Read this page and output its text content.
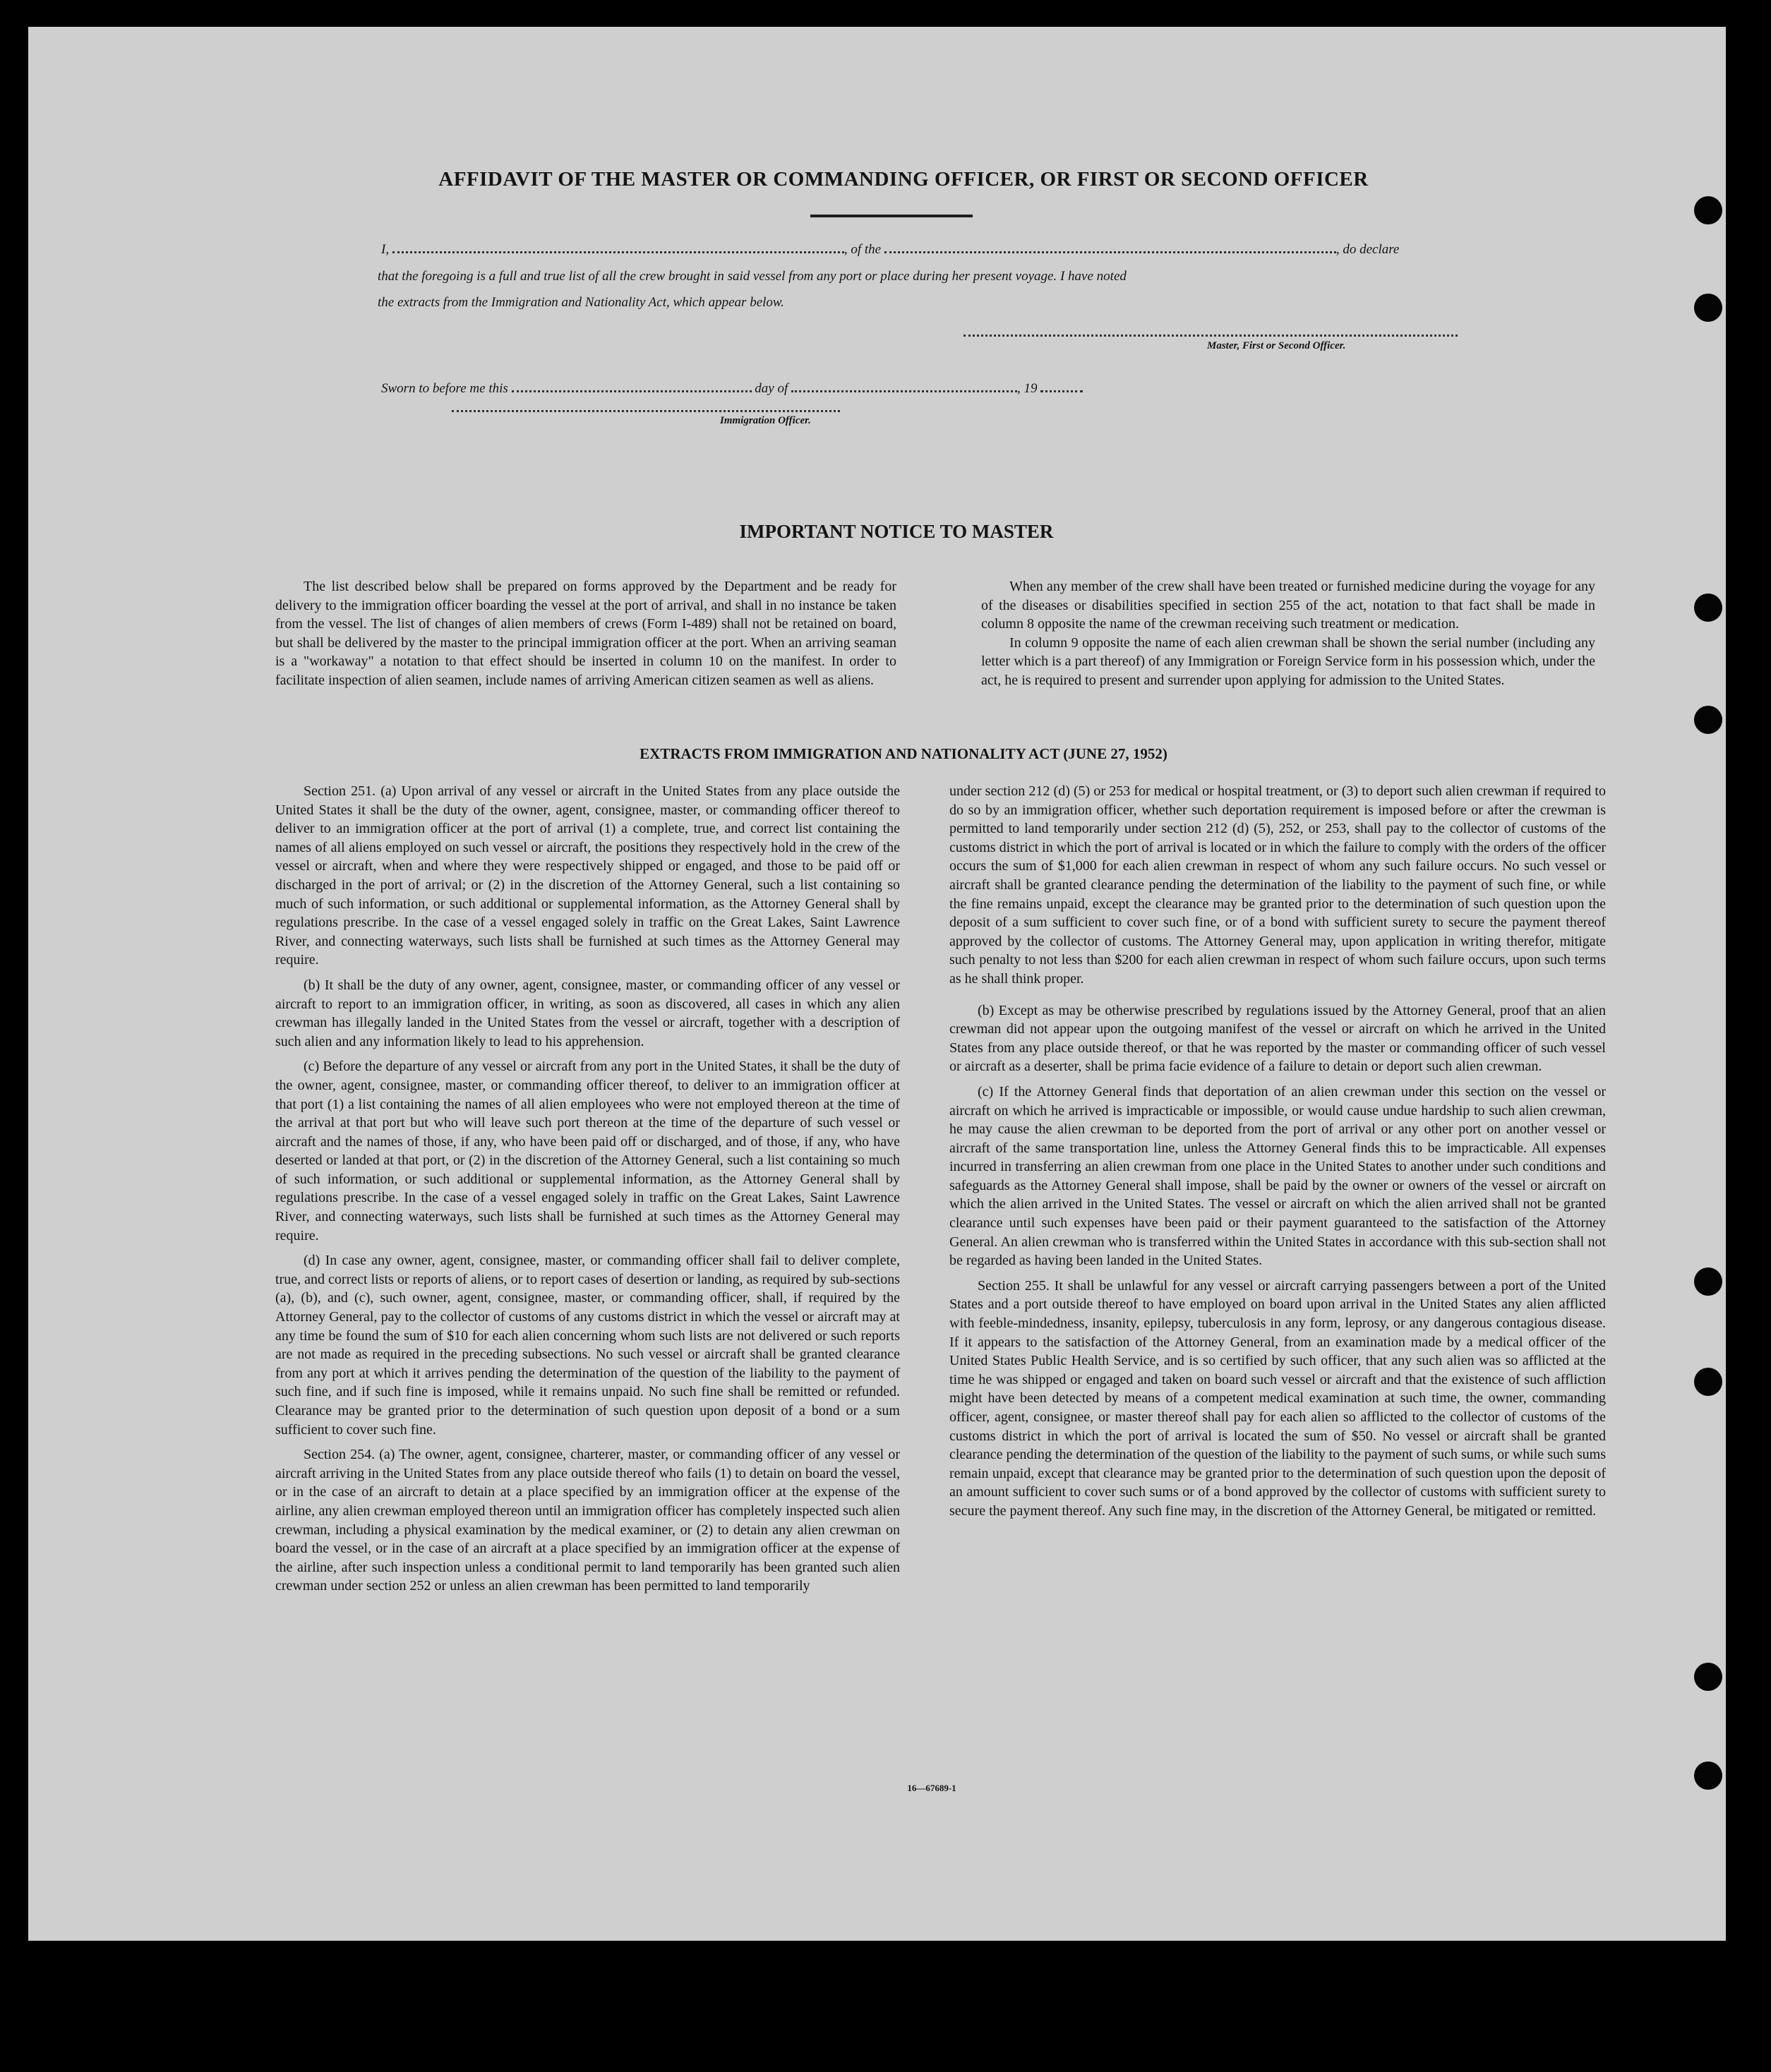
AFFIDAVIT OF THE MASTER OR COMMANDING OFFICER, OR FIRST OR SECOND OFFICER
I,	, of the	, do declare
that the foregoing is a full and true list of all the crew brought in said vessel from any port or place during her present voyage. I have noted
the extracts from the Immigration and Nationality Act, which appear below.
Master, First or Second Officer.
Sworn to before me this	day of	, 19
Immigration Officer.
IMPORTANT NOTICE TO MASTER

The list described below shall be prepared on forms approved by the Department and be ready for delivery to the immigration officer boarding the vessel at the port of arrival, and shall in no instance be taken from the vessel. The list of changes of alien members of crews (Form I-489) shall not be retained on board, but shall be delivered by the master to the principal immigration officer at the port. When an arriving seaman is a "workaway" a notation to that effect should be inserted in column 10 on the manifest. In order to facilitate inspection of alien seamen, include names of arriving American citizen seamen as well as aliens.

When any member of the crew shall have been treated or furnished medicine during the voyage for any of the diseases or disabilities specified in section 255 of the act, notation to that fact shall be made in column 8 opposite the name of the crewman receiving such treatment or medication.

In column 9 opposite the name of each alien crewman shall be shown the serial number (including any letter which is a part thereof) of any Immigration or Foreign Service form in his possession which, under the act, he is required to present and surrender upon applying for admission to the United States.

EXTRACTS FROM IMMIGRATION AND NATIONALITY ACT (JUNE 27, 1952)

Section 251. (a) Upon arrival of any vessel or aircraft in the United States from any place outside the United States it shall be the duty of the owner, agent, consignee, master, or commanding officer thereof to deliver to an immigration officer at the port of arrival (1) a complete, true, and correct list containing the names of all aliens employed on such vessel or aircraft, the positions they respectively hold in the crew of the vessel or aircraft, when and where they were respectively shipped or engaged, and those to be paid off or discharged in the port of arrival; or (2) in the discretion of the Attorney General, such a list containing so much of such information, or such additional or supplemental information, as the Attorney General shall by regulations prescribe. In the case of a vessel engaged solely in traffic on the Great Lakes, Saint Lawrence River, and connecting waterways, such lists shall be furnished at such times as the Attorney General may require.

(b) It shall be the duty of any owner, agent, consignee, master, or commanding officer of any vessel or aircraft to report to an immigration officer, in writing, as soon as discovered, all cases in which any alien crewman has illegally landed in the United States from the vessel or aircraft, together with a description of such alien and any information likely to lead to his apprehension.

(c) Before the departure of any vessel or aircraft from any port in the United States, it shall be the duty of the owner, agent, consignee, master, or commanding officer thereof, to deliver to an immigration officer at that port (1) a list containing the names of all alien employees who were not employed thereon at the time of the arrival at that port but who will leave such port thereon at the time of the departure of such vessel or aircraft and the names of those, if any, who have been paid off or discharged, and of those, if any, who have deserted or landed at that port, or (2) in the discretion of the Attorney General, such a list containing so much of such information, or such additional or supplemental information, as the Attorney General shall by regulations prescribe. In the case of a vessel engaged solely in traffic on the Great Lakes, Saint Lawrence River, and connecting waterways, such lists shall be furnished at such times as the Attorney General may require.

(d) In case any owner, agent, consignee, master, or commanding officer shall fail to deliver complete, true, and correct lists or reports of aliens, or to report cases of desertion or landing, as required by sub-sections (a), (b), and (c), such owner, agent, consignee, master, or commanding officer, shall, if required by the Attorney General, pay to the collector of customs of any customs district in which the vessel or aircraft may at any time be found the sum of $10 for each alien concerning whom such lists are not delivered or such reports are not made as required in the preceding subsections. No such vessel or aircraft shall be granted clearance from any port at which it arrives pending the determination of the question of the liability to the payment of such fine, and if such fine is imposed, while it remains unpaid. No such fine shall be remitted or refunded. Clearance may be granted prior to the determination of such question upon deposit of a bond or a sum sufficient to cover such fine.

Section 254. (a) The owner, agent, consignee, charterer, master, or commanding officer of any vessel or aircraft arriving in the United States from any place outside thereof who fails (1) to detain on board the vessel, or in the case of an aircraft to detain at a place specified by an immigration officer at the expense of the airline, any alien crewman employed thereon until an immigration officer has completely inspected such alien crewman, including a physical examination by the medical examiner, or (2) to detain any alien crewman on board the vessel, or in the case of an aircraft at a place specified by an immigration officer at the expense of the airline, after such inspection unless a conditional permit to land temporarily has been granted such alien crewman under section 252 or unless an alien crewman has been permitted to land temporarily

under section 212 (d) (5) or 253 for medical or hospital treatment, or (3) to deport such alien crewman if required to do so by an immigration officer, whether such deportation requirement is imposed before or after the crewman is permitted to land temporarily under section 212 (d) (5), 252, or 253, shall pay to the collector of customs of the customs district in which the port of arrival is located or in which the failure to comply with the orders of the officer occurs the sum of $1,000 for each alien crewman in respect of whom any such failure occurs. No such vessel or aircraft shall be granted clearance pending the determination of the liability to the payment of such fine, or while the fine remains unpaid, except the clearance may be granted prior to the determination of such question upon the deposit of a sum sufficient to cover such fine, or of a bond with sufficient surety to secure the payment thereof approved by the collector of customs. The Attorney General may, upon application in writing therefor, mitigate such penalty to not less than $200 for each alien crewman in respect of whom such failure occurs, upon such terms as he shall think proper.

(b) Except as may be otherwise prescribed by regulations issued by the Attorney General, proof that an alien crewman did not appear upon the outgoing manifest of the vessel or aircraft on which he arrived in the United States from any place outside thereof, or that he was reported by the master or commanding officer of such vessel or aircraft as a deserter, shall be prima facie evidence of a failure to detain or deport such alien crewman.

(c) If the Attorney General finds that deportation of an alien crewman under this section on the vessel or aircraft on which he arrived is impracticable or impossible, or would cause undue hardship to such alien crewman, he may cause the alien crewman to be deported from the port of arrival or any other port on another vessel or aircraft of the same transportation line, unless the Attorney General finds this to be impracticable. All expenses incurred in transferring an alien crewman from one place in the United States to another under such conditions and safeguards as the Attorney General shall impose, shall be paid by the owner or owners of the vessel or aircraft on which the alien arrived in the United States. The vessel or aircraft on which the alien arrived shall not be granted clearance until such expenses have been paid or their payment guaranteed to the satisfaction of the Attorney General. An alien crewman who is transferred within the United States in accordance with this sub-section shall not be regarded as having been landed in the United States.

Section 255. It shall be unlawful for any vessel or aircraft carrying passengers between a port of the United States and a port outside thereof to have employed on board upon arrival in the United States any alien afflicted with feeble-mindedness, insanity, epilepsy, tuberculosis in any form, leprosy, or any dangerous contagious disease. If it appears to the satisfaction of the Attorney General, from an examination made by a medical officer of the United States Public Health Service, and is so certified by such officer, that any such alien was so afflicted at the time he was shipped or engaged and taken on board such vessel or aircraft and that the existence of such affliction might have been detected by means of a competent medical examination at such time, the owner, commanding officer, agent, consignee, or master thereof shall pay for each alien so afflicted to the collector of customs of the customs district in which the port of arrival is located the sum of $50. No vessel or aircraft shall be granted clearance pending the determination of the question of the liability to the payment of such sums, or while such sums remain unpaid, except that clearance may be granted prior to the determination of such question upon the deposit of an amount sufficient to cover such sums or of a bond approved by the collector of customs with sufficient surety to secure the payment thereof. Any such fine may, in the discretion of the Attorney General, be mitigated or remitted.

16—67689-1
